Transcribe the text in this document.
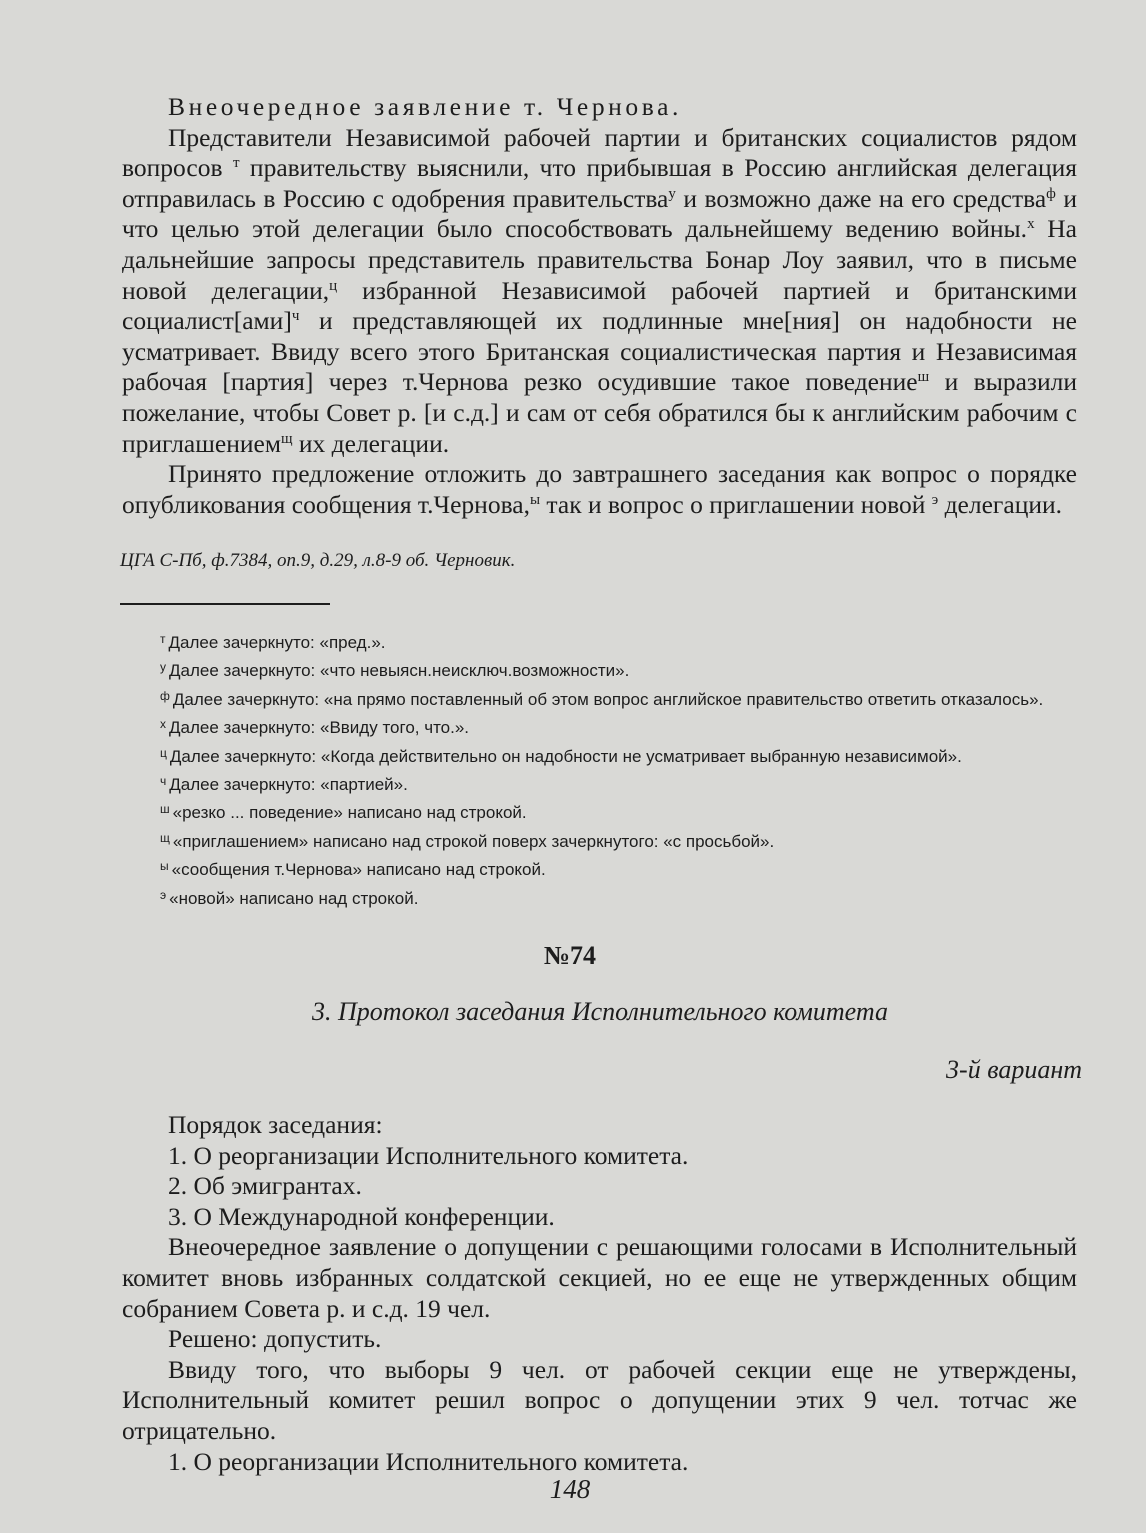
Внеочередное заявление т. Чернова.

Представители Независимой рабочей партии и британских социалистов рядом вопросов $^т$ правительству выяснили, что прибывшая в Россию английская делегация отправилась в Россию с одобрения правительства$^у$ и возможно даже на его средства$^ф$ и что целью этой делегации было способствовать дальнейшему ведению войны.$^х$ На дальнейшие запросы представитель правительства Бонар Лоу заявил, что в письме новой делегации,$^ц$ избранной Независимой рабочей партией и британскими социалист[ами]$^ч$ и представляющей их подлинные мне[ния] он надобности не усматривает. Ввиду всего этого Британская социалистическая партия и Независимая рабочая [партия] через т.Чернова резко осудившие такое поведение$^ш$ и выразили пожелание, чтобы Совет р. [и с.д.] и сам от себя обратился бы к английским рабочим с приглашением$^щ$ их делегации.

Принято предложение отложить до завтрашнего заседания как вопрос о порядке опубликования сообщения т.Чернова,$^ы$ так и вопрос о приглашении новой $^э$ делегации.

ЦГА С-Пб, ф.7384, оп.9, д.29, л.8-9 об. Черновик.

$^т$ Далее зачеркнуто: «пред.».

$^у$ Далее зачеркнуто: «что невыясн.неисключ.возможности».

$^ф$ Далее зачеркнуто: «на прямо поставленный об этом вопрос английское правительство ответить отказалось».

$^х$ Далее зачеркнуто: «Ввиду того, что.».

$^ц$ Далее зачеркнуто: «Когда действительно он надобности не усматривает выбранную независимой».

$^ч$ Далее зачеркнуто: «партией».

$^ш$ «резко ... поведение» написано над строкой.

$^щ$ «приглашением» написано над строкой поверх зачеркнутого: «с просьбой».

$^ы$ «сообщения т.Чернова» написано над строкой.

$^э$ «новой» написано над строкой.

№74
3. Протокол заседания Исполнительного комитета
3-й вариант

Порядок заседания:

1. О реорганизации Исполнительного комитета.

2. Об эмигрантах.

3. О Международной конференции.

Внеочередное заявление о допущении с решающими голосами в Исполнительный комитет вновь избранных солдатской секцией, но ее еще не утвержденных общим собранием Совета р. и с.д. 19 чел.

Решено: допустить.

Ввиду того, что выборы 9 чел. от рабочей секции еще не утверждены, Исполнительный комитет решил вопрос о допущении этих 9 чел. тотчас же отрицательно.

1. О реорганизации Исполнительного комитета.

148
